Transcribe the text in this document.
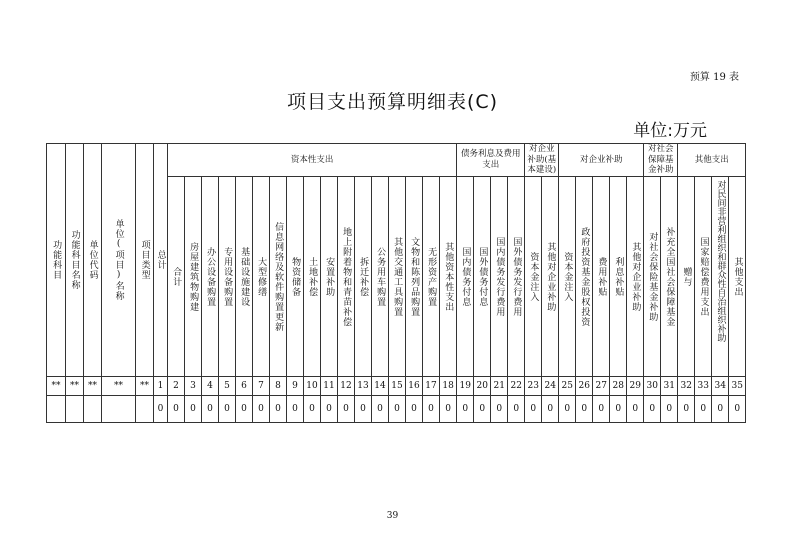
预算 19 表
项目支出预算明细表(C)
单位:万元
功能科目	功能科目名称	单位代码	单位(项目)名称	项目类型	总计	资本性支出																	债务利息及费用支出				对企业补助(基本建设)		对企业补助					对社会保障基金补助		其他支出			

						合计	房屋建筑物购建	办公设备购置	专用设备购置	基础设施建设	大型修缮	信息网络及软件购置更新	物资储备	土地补偿	安置补助	地上附着物和青苗补偿	拆迁补偿	公务用车购置	其他交通工具购置	文物和陈列品购置	无形资产购置	其他资本性支出	国内债务付息	国外债务付息	国内债务发行费用	国外债务发行费用	资本金注入	其他对企业补助	资本金注入	政府投资基金股权投资	费用补贴	利息补贴	其他对企业补助	对社会保险基金补助	补充全国社会保障基金	赠与	国家赔偿费用支出	对民间非营利组织和群众性自治组织补助	其他支出

**	**	**	**	**	1	2	3	4	5	6	7	8	9	10	11	12	13	14	15	16	17	18	19	20	21	22	23	24	25	26	27	28	29	30	31	32	33	34	35
					0	0	0	0	0	0	0	0	0	0	0	0	0	0	0	0	0	0	0	0	0	0	0	0	0	0	0	0	0	0	0	0	0	0	0
39
